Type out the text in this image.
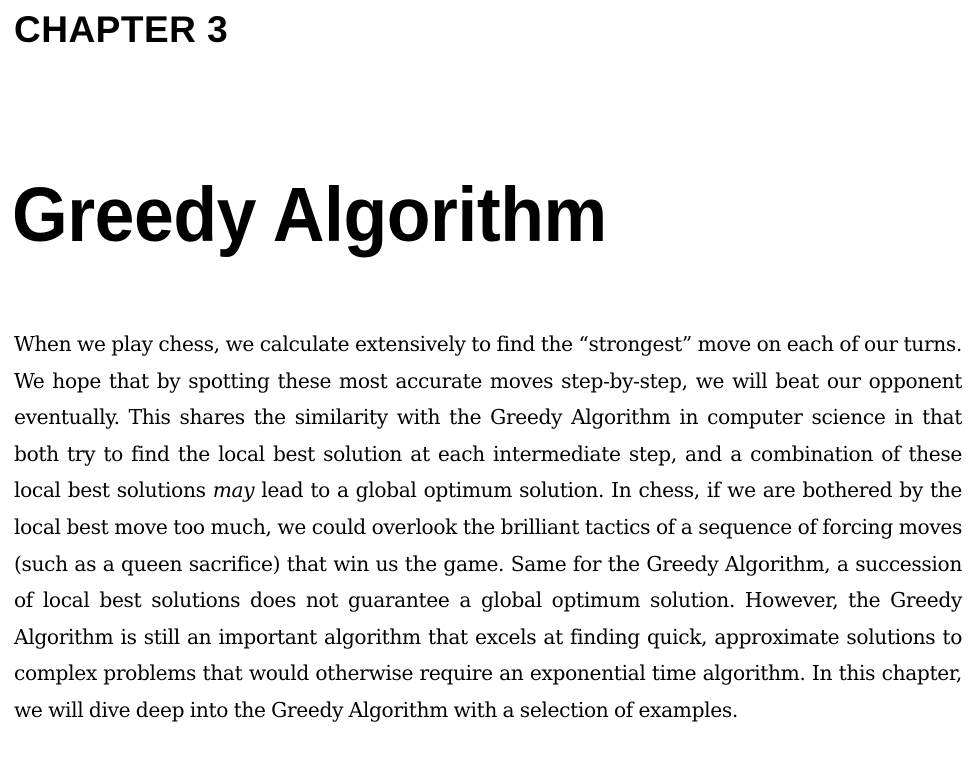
CHAPTER 3
Greedy Algorithm

When we play chess, we calculate extensively to find the “strongest” move on each of our turns. We hope that by spotting these most accurate moves step-by-step, we will beat our opponent eventually. This shares the similarity with the Greedy Algorithm in computer science in that both try to find the local best solution at each intermediate step, and a combination of these local best solutions may lead to a global optimum solution. In chess, if we are bothered by the local best move too much, we could overlook the brilliant tactics of a sequence of forcing moves (such as a queen sacrifice) that win us the game. Same for the Greedy Algorithm, a succession of local best solutions does not guarantee a global optimum solution. However, the Greedy Algorithm is still an important algorithm that excels at finding quick, approximate solutions to complex problems that would otherwise require an exponential time algorithm. In this chapter, we will dive deep into the Greedy Algorithm with a selection of examples.
